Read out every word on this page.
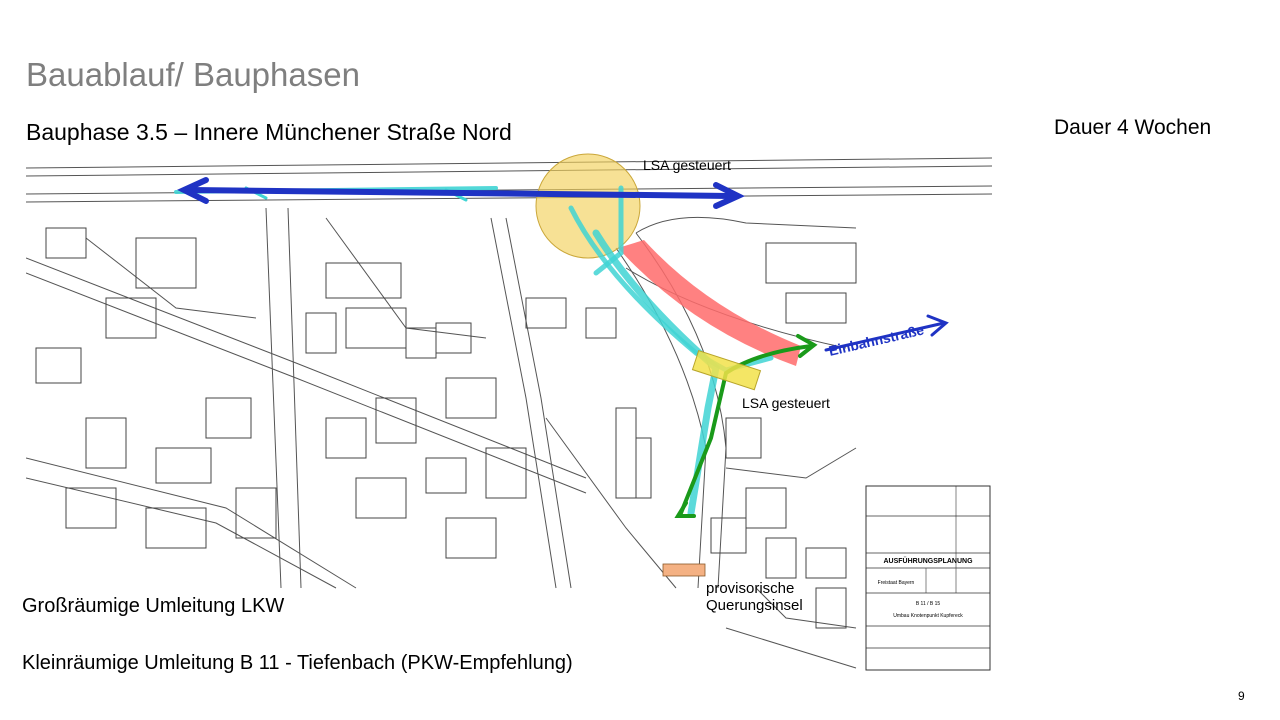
Bauablauf/ Bauphasen
Bauphase 3.5 – Innere Münchener Straße Nord	Dauer 4 Wochen
AUSFÜHRUNGSPLANUNG
Freistaat Bayern
B 11 / B 15
Umbau Knotenpunkt Kupfereck
LSA gesteuert
LSA gesteuert
Einbahnstraße
provisorische
Querungsinsel
Großräumige Umleitung LKW
Kleinräumige Umleitung B 11 - Tiefenbach (PKW-Empfehlung)
9
